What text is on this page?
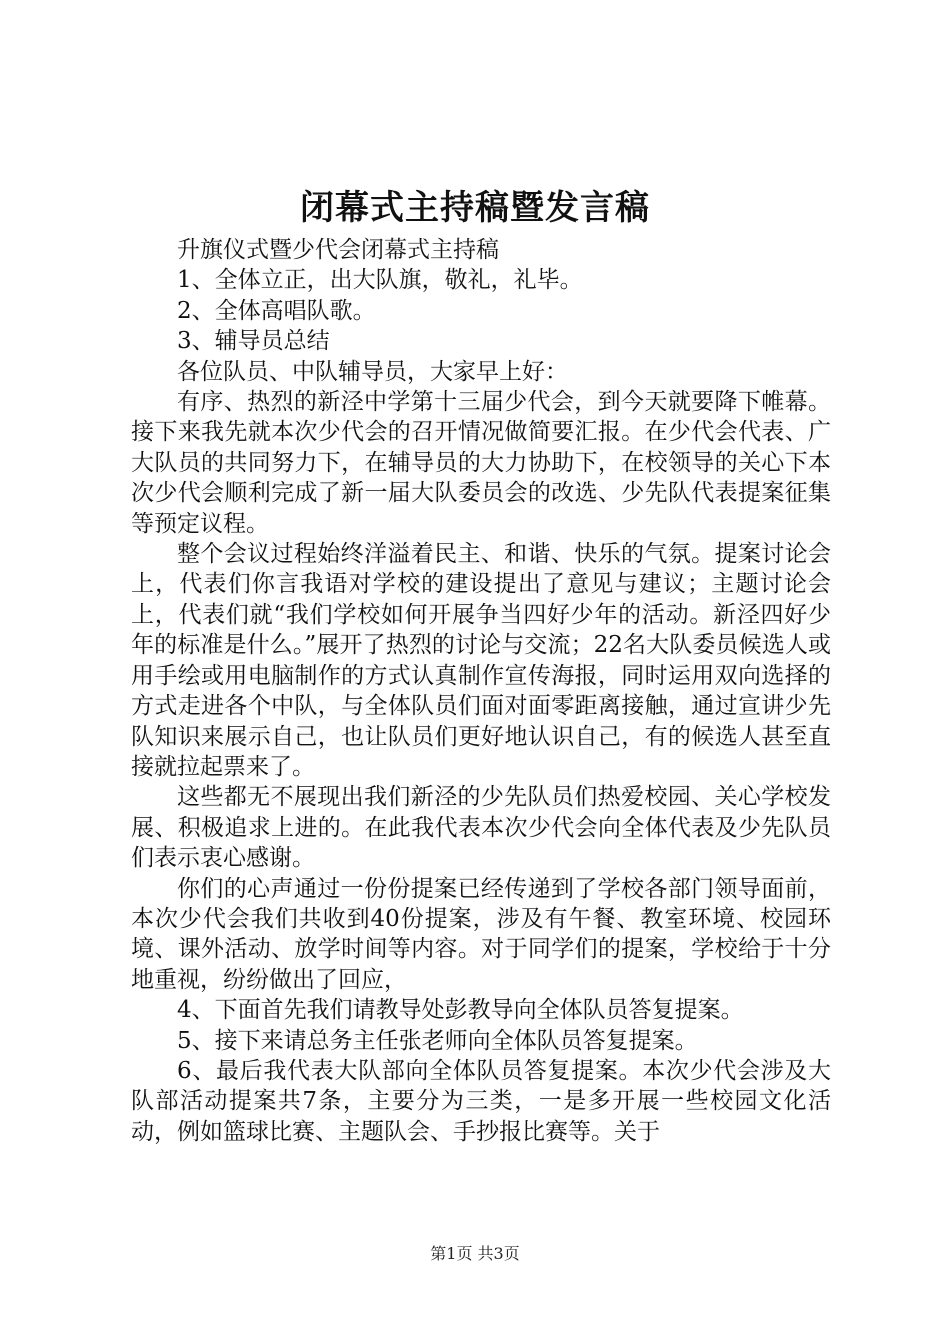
闭幕式主持稿暨发言稿

升旗仪式暨少代会闭幕式主持稿

1、全体立正，出大队旗，敬礼，礼毕。

2、全体高唱队歌。

3、辅导员总结

各位队员、中队辅导员，大家早上好：

有序、热烈的新泾中学第十三届少代会，到今天就要降下帷幕。接下来我先就本次少代会的召开情况做简要汇报。在少代会代表、广大队员的共同努力下，在辅导员的大力协助下，在校领导的关心下本次少代会顺利完成了新一届大队委员会的改选、少先队代表提案征集等预定议程。

整个会议过程始终洋溢着民主、和谐、快乐的气氛。提案讨论会上，代表们你言我语对学校的建设提出了意见与建议；主题讨论会上，代表们就“我们学校如何开展争当四好少年的活动。新泾四好少年的标准是什么。”展开了热烈的讨论与交流；22名大队委员候选人或用手绘或用电脑制作的方式认真制作宣传海报，同时运用双向选择的方式走进各个中队，与全体队员们面对面零距离接触，通过宣讲少先队知识来展示自己，也让队员们更好地认识自己，有的候选人甚至直接就拉起票来了。

这些都无不展现出我们新泾的少先队员们热爱校园、关心学校发展、积极追求上进的。在此我代表本次少代会向全体代表及少先队员们表示衷心感谢。

你们的心声通过一份份提案已经传递到了学校各部门领导面前，本次少代会我们共收到40份提案，涉及有午餐、教室环境、校园环境、课外活动、放学时间等内容。对于同学们的提案，学校给于十分地重视，纷纷做出了回应，

4、下面首先我们请教导处彭教导向全体队员答复提案。

5、接下来请总务主任张老师向全体队员答复提案。

6、最后我代表大队部向全体队员答复提案。本次少代会涉及大队部活动提案共7条，主要分为三类，一是多开展一些校园文化活动，例如篮球比赛、主题队会、手抄报比赛等。关于

第1页 共3页
